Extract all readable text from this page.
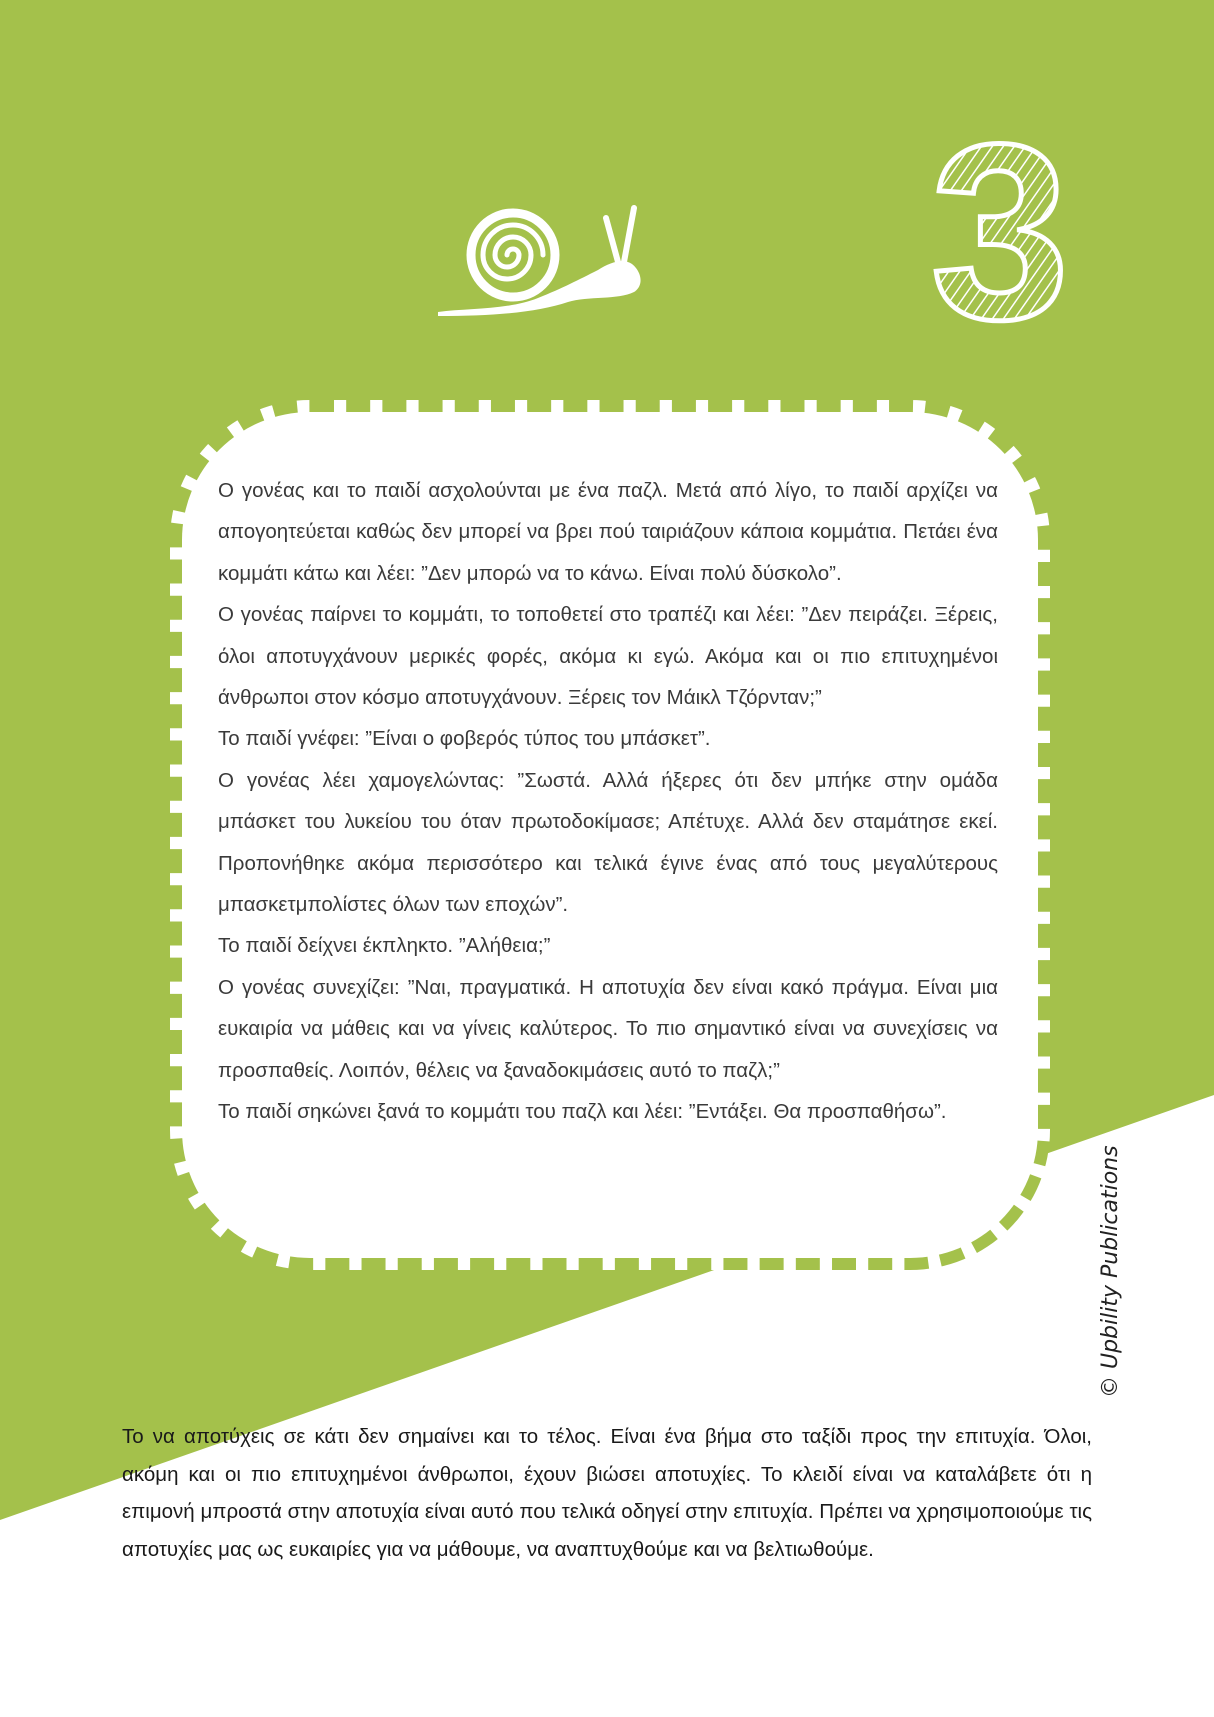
3

Ο γονέας και το παιδί ασχολούνται με ένα παζλ. Μετά από λίγο, το παιδί αρχίζει να απογοητεύεται καθώς δεν μπορεί να βρει πού ταιριάζουν κάποια κομμάτια. Πετάει ένα κομμάτι κάτω και λέει: ”Δεν μπορώ να το κάνω. Είναι πολύ δύσκολο”.

Ο γονέας παίρνει το κομμάτι, το τοποθετεί στο τραπέζι και λέει: ”Δεν πειράζει. Ξέρεις, όλοι αποτυγχάνουν μερικές φορές, ακόμα κι εγώ. Ακόμα και οι πιο επιτυχημένοι άνθρωποι στον κόσμο αποτυγχάνουν. Ξέρεις τον Μάικλ Τζόρνταν;”

Το παιδί γνέφει: ”Είναι ο φοβερός τύπος του μπάσκετ”.

Ο γονέας λέει χαμογελώντας: ”Σωστά. Αλλά ήξερες ότι δεν μπήκε στην ομάδα μπάσκετ του λυκείου του όταν πρωτοδοκίμασε; Απέτυχε. Αλλά δεν σταμάτησε εκεί. Προπονήθηκε ακόμα περισσότερο και τελικά έγινε ένας από τους μεγαλύτερους μπασκετμπολίστες όλων των εποχών”.

Το παιδί δείχνει έκπληκτο. ”Αλήθεια;”

Ο γονέας συνεχίζει: ”Ναι, πραγματικά. Η αποτυχία δεν είναι κακό πράγμα. Είναι μια ευκαιρία να μάθεις και να γίνεις καλύτερος. Το πιο σημαντικό είναι να συνεχίσεις να προσπαθείς. Λοιπόν, θέλεις να ξαναδοκιμάσεις αυτό το παζλ;”

Το παιδί σηκώνει ξανά το κομμάτι του παζλ και λέει: ”Εντάξει. Θα προσπαθήσω”.

Το να αποτύχεις σε κάτι δεν σημαίνει και το τέλος. Είναι ένα βήμα στο ταξίδι προς την επιτυχία. Όλοι, ακόμη και οι πιο επιτυχημένοι άνθρωποι, έχουν βιώσει αποτυχίες. Το κλειδί είναι να καταλάβετε ότι η επιμονή μπροστά στην αποτυχία είναι αυτό που τελικά οδηγεί στην επιτυχία. Πρέπει να χρησιμοποιούμε τις αποτυχίες μας ως ευκαιρίες για να μάθουμε, να αναπτυχθούμε και να βελτιωθούμε.
© Upbility Publications
